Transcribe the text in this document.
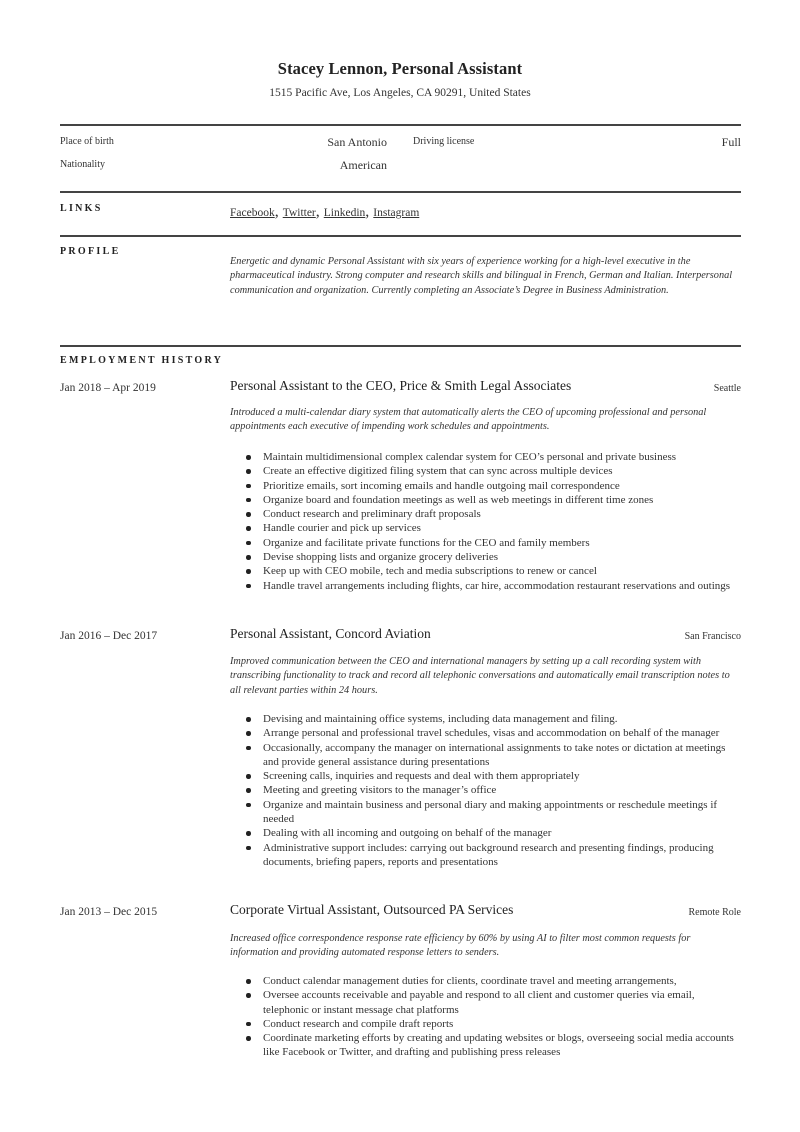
Stacey Lennon, Personal Assistant
1515 Pacific Ave, Los Angeles, CA 90291, United States
Place of birth	San Antonio	Driving license	Full
Nationality	American
LINKS	Facebook, Twitter, Linkedin, Instagram
PROFILE

Energetic and dynamic Personal Assistant with six years of experience working for a high-level executive in the pharmaceutical industry. Strong computer and research skills and bilingual in French, German and Italian. Interpersonal communication and organization. Currently completing an Associate’s Degree in Business Administration.

EMPLOYMENT HISTORY
Jan 2018 – Apr 2019	Personal Assistant to the CEO, Price & Smith Legal Associates	Seattle

Introduced a multi-calendar diary system that automatically alerts the CEO of upcoming professional and personal appointments each executive of impending work schedules and appointments.

Maintain multidimensional complex calendar system for CEO’s personal and private business
Create an effective digitized filing system that can sync across multiple devices
Prioritize emails, sort incoming emails and handle outgoing mail correspondence
Organize board and foundation meetings as well as web meetings in different time zones
Conduct research and preliminary draft proposals
Handle courier and pick up services
Organize and facilitate private functions for the CEO and family members
Devise shopping lists and organize grocery deliveries
Keep up with CEO mobile, tech and media subscriptions to renew or cancel
Handle travel arrangements including flights, car hire, accommodation restaurant reservations and outings
Jan 2016 – Dec 2017	Personal Assistant, Concord Aviation	San Francisco

Improved communication between the CEO and international managers by setting up a call recording system with transcribing functionality to track and record all telephonic conversations and automatically email transcription notes to all relevant parties within 24 hours.

Devising and maintaining office systems, including data management and filing.
Arrange personal and professional travel schedules, visas and accommodation on behalf of the manager
Occasionally, accompany the manager on international assignments to take notes or dictation at meetings and provide general assistance during presentations
Screening calls, inquiries and requests and deal with them appropriately
Meeting and greeting visitors to the manager’s office
Organize and maintain business and personal diary and making appointments or reschedule meetings if needed
Dealing with all incoming and outgoing on behalf of the manager
Administrative support includes: carrying out background research and presenting findings, producing documents, briefing papers, reports and presentations
Jan 2013 – Dec 2015	Corporate Virtual Assistant, Outsourced PA Services	Remote Role

Increased office correspondence response rate efficiency by 60% by using AI to filter most common requests for information and providing automated response letters to senders.

Conduct calendar management duties for clients, coordinate travel and meeting arrangements,
Oversee accounts receivable and payable and respond to all client and customer queries via email, telephonic or instant message chat platforms
Conduct research and compile draft reports
Coordinate marketing efforts by creating and updating websites or blogs, overseeing social media accounts like Facebook or Twitter, and drafting and publishing press releases
